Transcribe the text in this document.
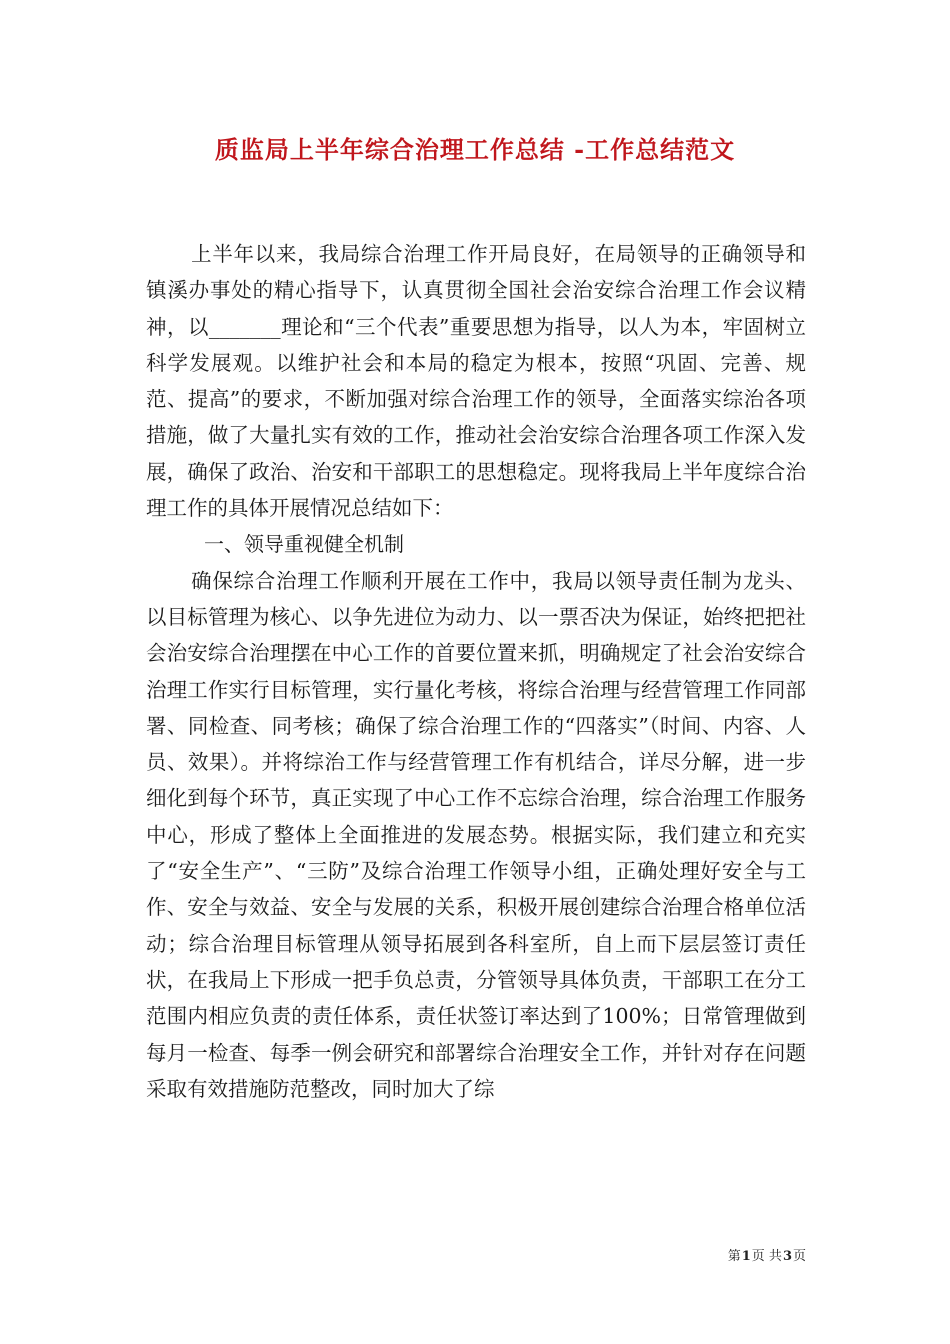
质监局上半年综合治理工作总结 -工作总结范文

上半年以来，我局综合治理工作开局良好，在局领导的正确领导和镇溪办事处的精心指导下，认真贯彻全国社会治安综合治理工作会议精神，以_______理论和“三个代表”重要思想为指导，以人为本，牢固树立科学发展观。以维护社会和本局的稳定为根本，按照“巩固、完善、规范、提高”的要求，不断加强对综合治理工作的领导，全面落实综治各项措施，做了大量扎实有效的工作，推动社会治安综合治理各项工作深入发展，确保了政治、治安和干部职工的思想稳定。现将我局上半年度综合治理工作的具体开展情况总结如下：

一、领导重视健全机制

确保综合治理工作顺利开展在工作中，我局以领导责任制为龙头、以目标管理为核心、以争先进位为动力、以一票否决为保证，始终把把社会治安综合治理摆在中心工作的首要位置来抓，明确规定了社会治安综合治理工作实行目标管理，实行量化考核，将综合治理与经营管理工作同部署、同检查、同考核；确保了综合治理工作的“四落实”（时间、内容、人员、效果）。并将综治工作与经营管理工作有机结合，详尽分解，进一步细化到每个环节，真正实现了中心工作不忘综合治理，综合治理工作服务中心，形成了整体上全面推进的发展态势。根据实际，我们建立和充实了“安全生产”、“三防”及综合治理工作领导小组，正确处理好安全与工作、安全与效益、安全与发展的关系，积极开展创建综合治理合格单位活动；综合治理目标管理从领导拓展到各科室所，自上而下层层签订责任状，在我局上下形成一把手负总责，分管领导具体负责，干部职工在分工范围内相应负责的责任体系，责任状签订率达到了100%；日常管理做到每月一检查、每季一例会研究和部署综合治理安全工作，并针对存在问题采取有效措施防范整改，同时加大了综

第1页 共3页
